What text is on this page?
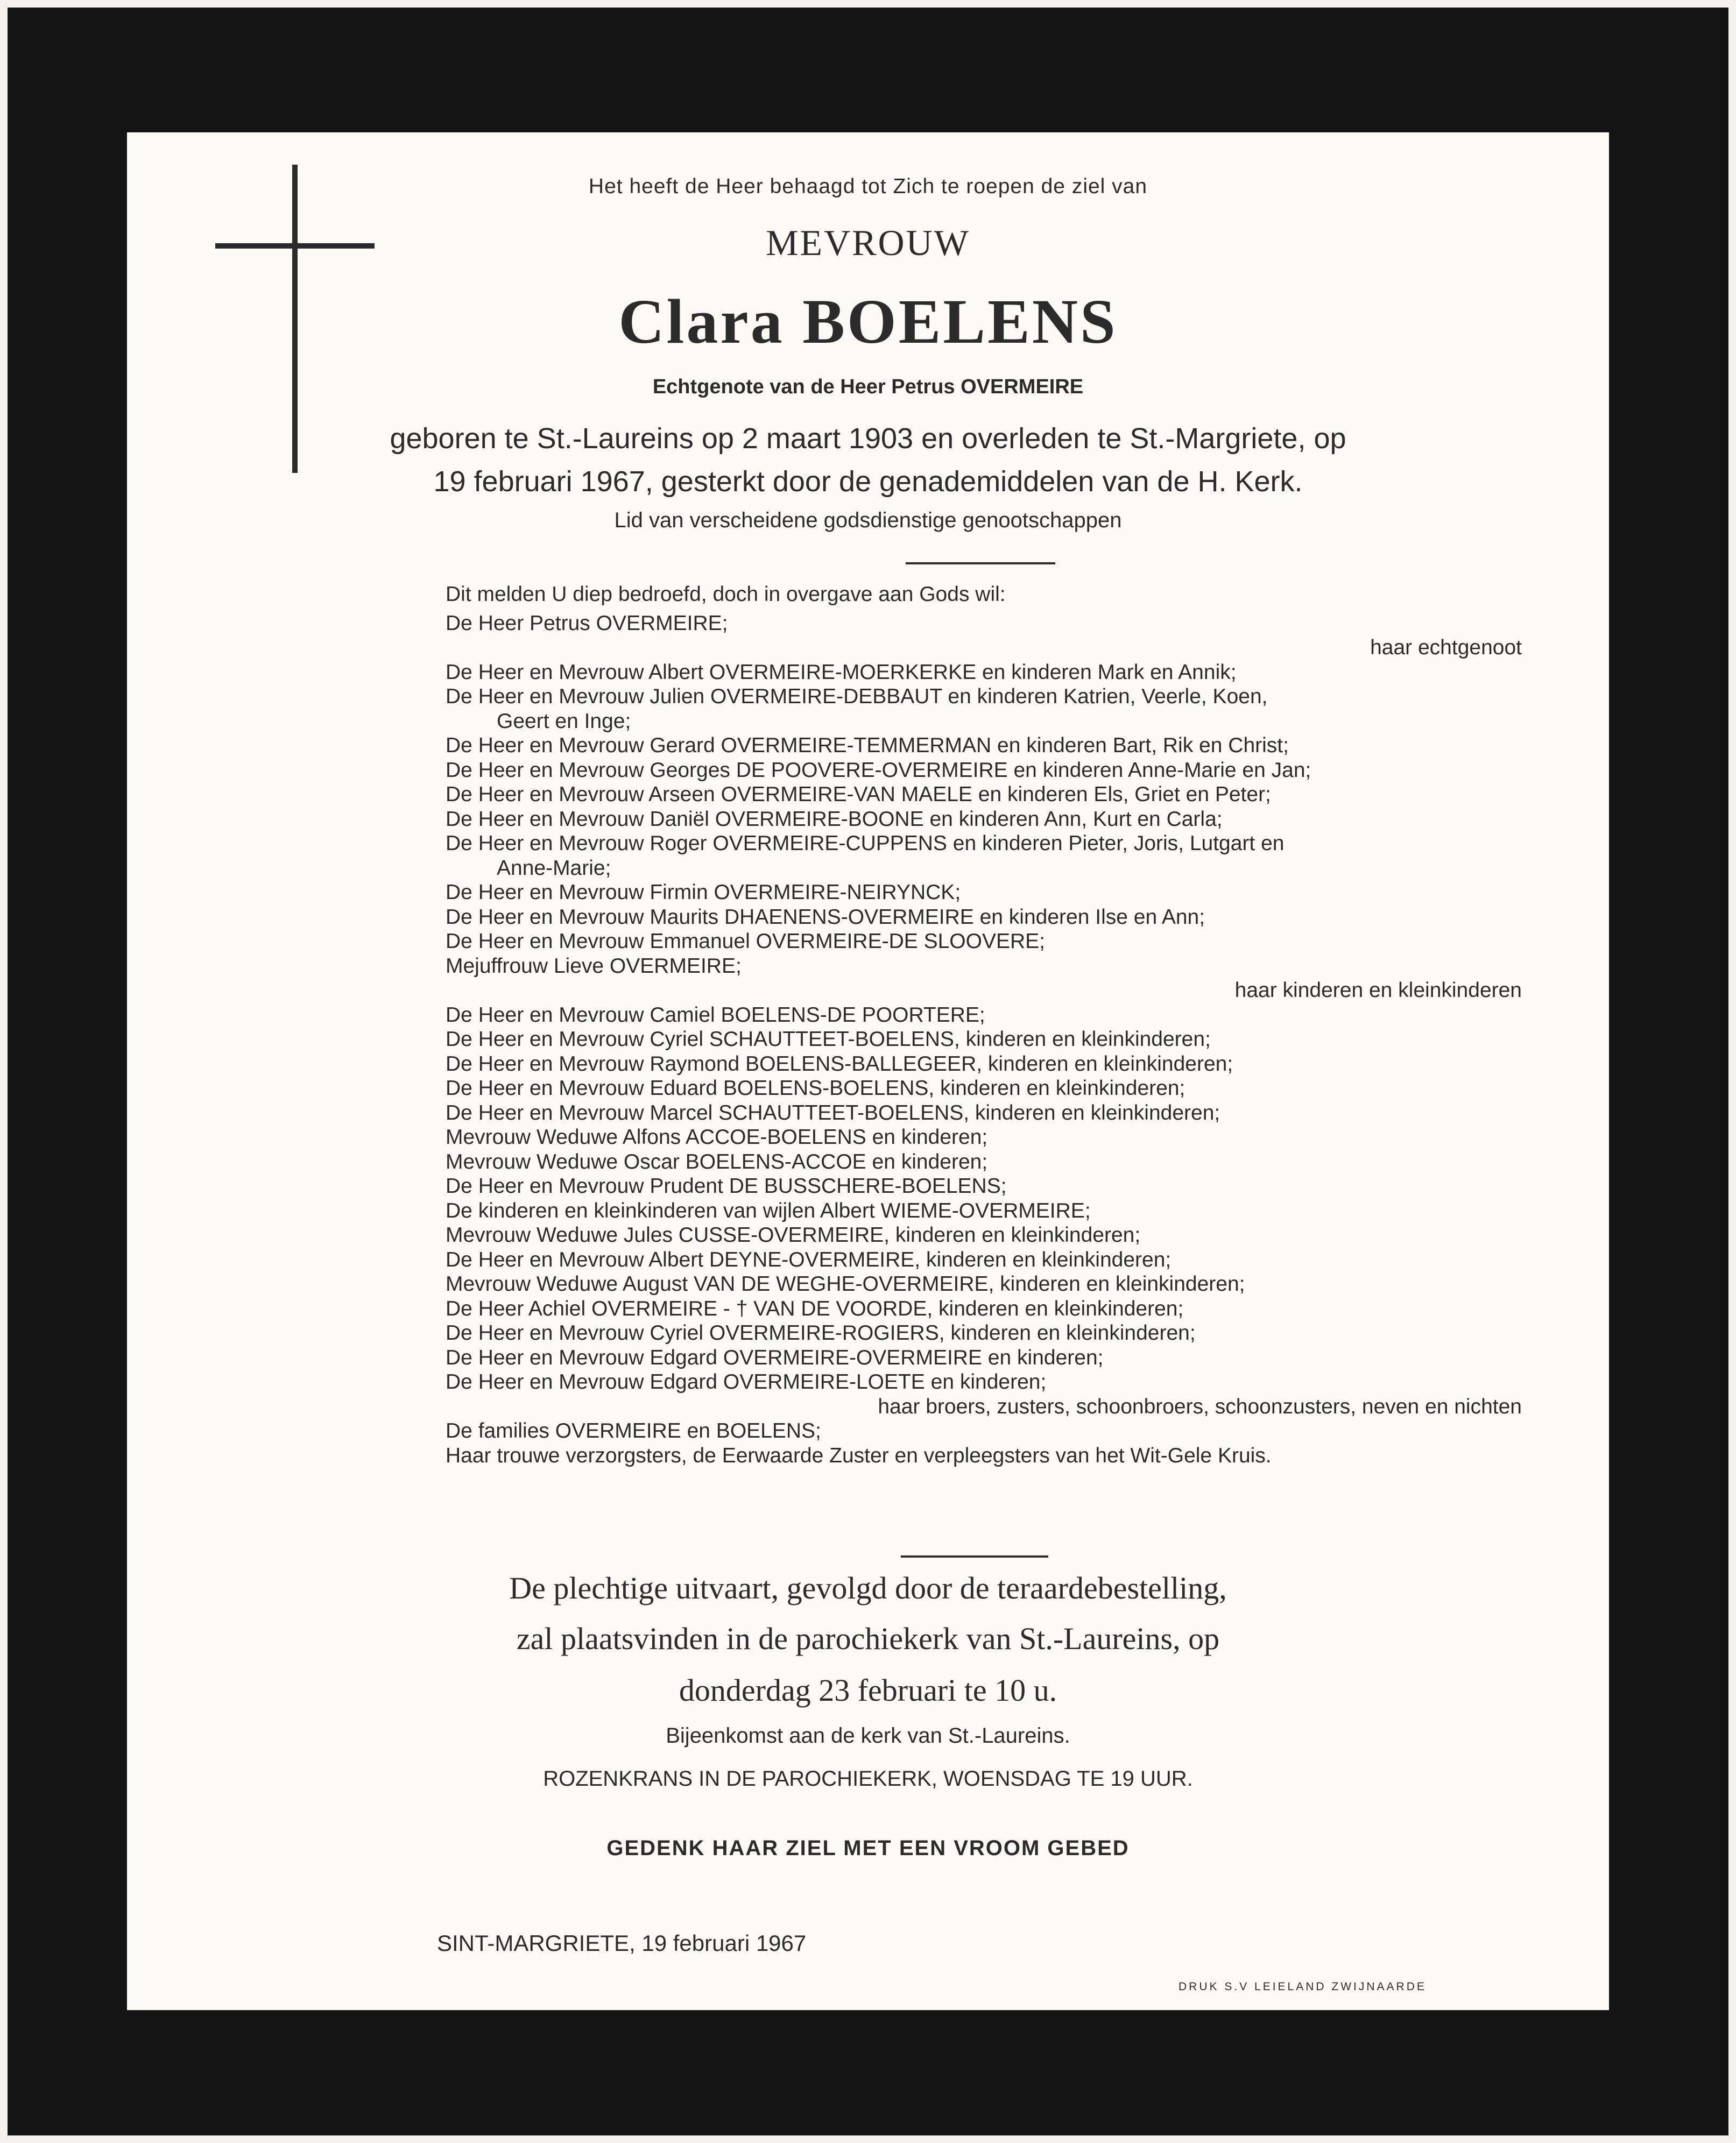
Het heeft de Heer behaagd tot Zich te roepen de ziel van

MEVROUW

Clara BOELENS

Echtgenote van de Heer Petrus OVERMEIRE

geboren te St.-Laureins op 2 maart 1903 en overleden te St.-Margriete, op

19 februari 1967, gesterkt door de genademiddelen van de H. Kerk.

Lid van verscheidene godsdienstige genootschappen

Dit melden U diep bedroefd, doch in overgave aan Gods wil:
De Heer Petrus OVERMEIRE;
haar echtgenoot
De Heer en Mevrouw Albert OVERMEIRE-MOERKERKE en kinderen Mark en Annik;
De Heer en Mevrouw Julien OVERMEIRE-DEBBAUT en kinderen Katrien, Veerle, Koen,
Geert en Inge;
De Heer en Mevrouw Gerard OVERMEIRE-TEMMERMAN en kinderen Bart, Rik en Christ;
De Heer en Mevrouw Georges DE POOVERE-OVERMEIRE en kinderen Anne-Marie en Jan;
De Heer en Mevrouw Arseen OVERMEIRE-VAN MAELE en kinderen Els, Griet en Peter;
De Heer en Mevrouw Daniël OVERMEIRE-BOONE en kinderen Ann, Kurt en Carla;
De Heer en Mevrouw Roger OVERMEIRE-CUPPENS en kinderen Pieter, Joris, Lutgart en
Anne-Marie;
De Heer en Mevrouw Firmin OVERMEIRE-NEIRYNCK;
De Heer en Mevrouw Maurits DHAENENS-OVERMEIRE en kinderen Ilse en Ann;
De Heer en Mevrouw Emmanuel OVERMEIRE-DE SLOOVERE;
Mejuffrouw Lieve OVERMEIRE;
haar kinderen en kleinkinderen
De Heer en Mevrouw Camiel BOELENS-DE POORTERE;
De Heer en Mevrouw Cyriel SCHAUTTEET-BOELENS, kinderen en kleinkinderen;
De Heer en Mevrouw Raymond BOELENS-BALLEGEER, kinderen en kleinkinderen;
De Heer en Mevrouw Eduard BOELENS-BOELENS, kinderen en kleinkinderen;
De Heer en Mevrouw Marcel SCHAUTTEET-BOELENS, kinderen en kleinkinderen;
Mevrouw Weduwe Alfons ACCOE-BOELENS en kinderen;
Mevrouw Weduwe Oscar BOELENS-ACCOE en kinderen;
De Heer en Mevrouw Prudent DE BUSSCHERE-BOELENS;
De kinderen en kleinkinderen van wijlen Albert WIEME-OVERMEIRE;
Mevrouw Weduwe Jules CUSSE-OVERMEIRE, kinderen en kleinkinderen;
De Heer en Mevrouw Albert DEYNE-OVERMEIRE, kinderen en kleinkinderen;
Mevrouw Weduwe August VAN DE WEGHE-OVERMEIRE, kinderen en kleinkinderen;
De Heer Achiel OVERMEIRE - † VAN DE VOORDE, kinderen en kleinkinderen;
De Heer en Mevrouw Cyriel OVERMEIRE-ROGIERS, kinderen en kleinkinderen;
De Heer en Mevrouw Edgard OVERMEIRE-OVERMEIRE en kinderen;
De Heer en Mevrouw Edgard OVERMEIRE-LOETE en kinderen;
haar broers, zusters, schoonbroers, schoonzusters, neven en nichten
De families OVERMEIRE en BOELENS;
Haar trouwe verzorgsters, de Eerwaarde Zuster en verpleegsters van het Wit-Gele Kruis.

De plechtige uitvaart, gevolgd door de teraardebestelling,

zal plaatsvinden in de parochiekerk van St.-Laureins, op

donderdag 23 februari te 10 u.

Bijeenkomst aan de kerk van St.-Laureins.

ROZENKRANS IN DE PAROCHIEKERK, WOENSDAG TE 19 UUR.

GEDENK HAAR ZIEL MET EEN VROOM GEBED

SINT-MARGRIETE, 19 februari 1967

DRUK S.V LEIELAND ZWIJNAARDE
